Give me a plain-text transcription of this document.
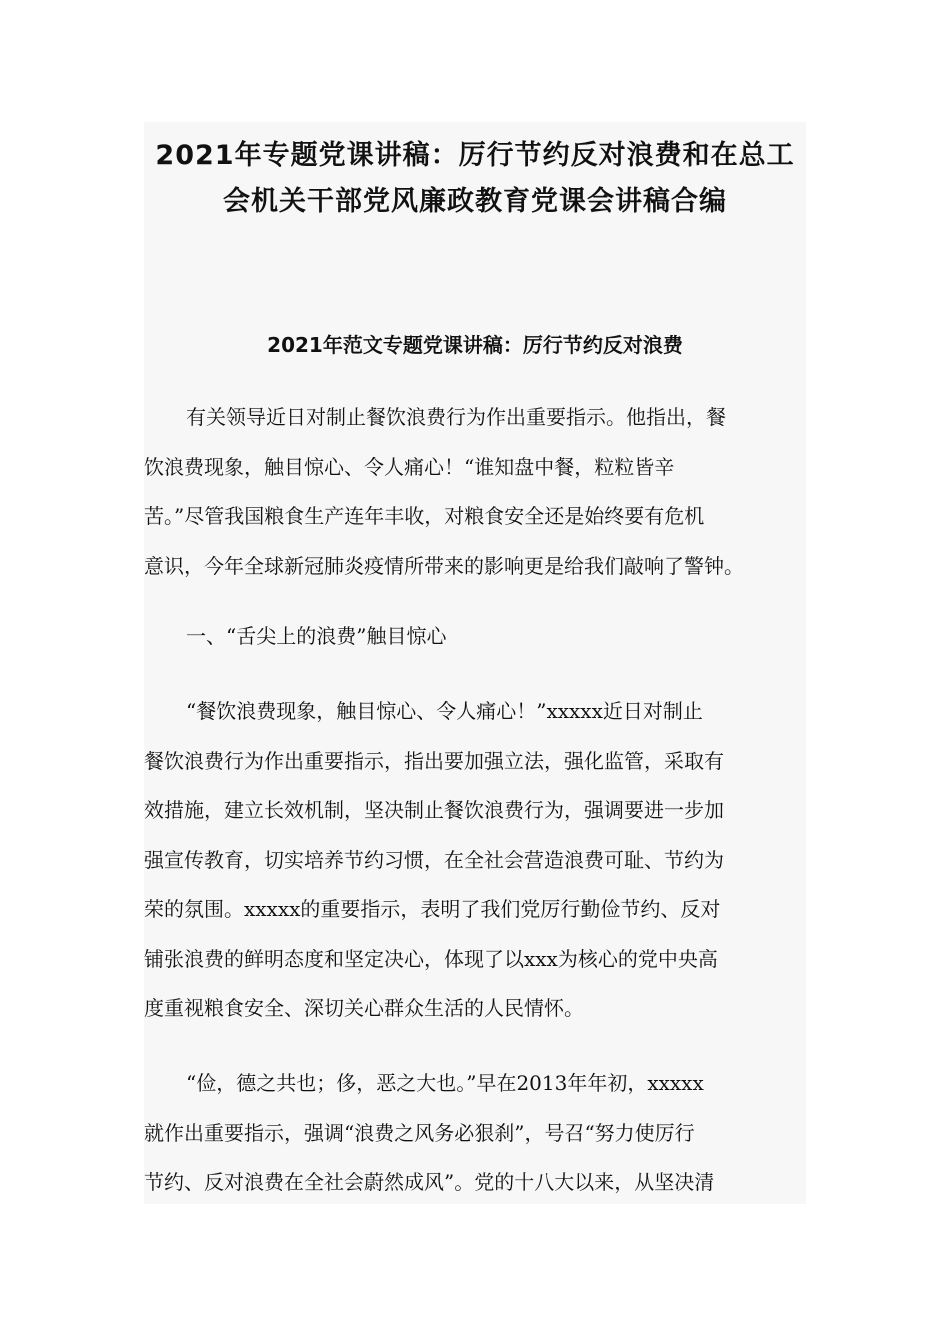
2021年专题党课讲稿：厉行节约反对浪费和在总工
会机关干部党风廉政教育党课会讲稿合编
2021年范文专题党课讲稿：厉行节约反对浪费
有关领导近日对制止餐饮浪费行为作出重要指示。他指出，餐
饮浪费现象，触目惊心、令人痛心！“谁知盘中餐，粒粒皆辛
苦。”尽管我国粮食生产连年丰收，对粮食安全还是始终要有危机
意识，今年全球新冠肺炎疫情所带来的影响更是给我们敲响了警钟。
一、“舌尖上的浪费”触目惊心
“餐饮浪费现象，触目惊心、令人痛心！”xxxxx近日对制止
餐饮浪费行为作出重要指示，指出要加强立法，强化监管，采取有
效措施，建立长效机制，坚决制止餐饮浪费行为，强调要进一步加
强宣传教育，切实培养节约习惯，在全社会营造浪费可耻、节约为
荣的氛围。xxxxx的重要指示，表明了我们党厉行勤俭节约、反对
铺张浪费的鲜明态度和坚定决心，体现了以xxx为核心的党中央高
度重视粮食安全、深切关心群众生活的人民情怀。
“俭，德之共也；侈，恶之大也。”早在2013年年初，xxxxx
就作出重要指示，强调“浪费之风务必狠刹”，号召“努力使厉行
节约、反对浪费在全社会蔚然成风”。党的十八大以来，从坚决清
